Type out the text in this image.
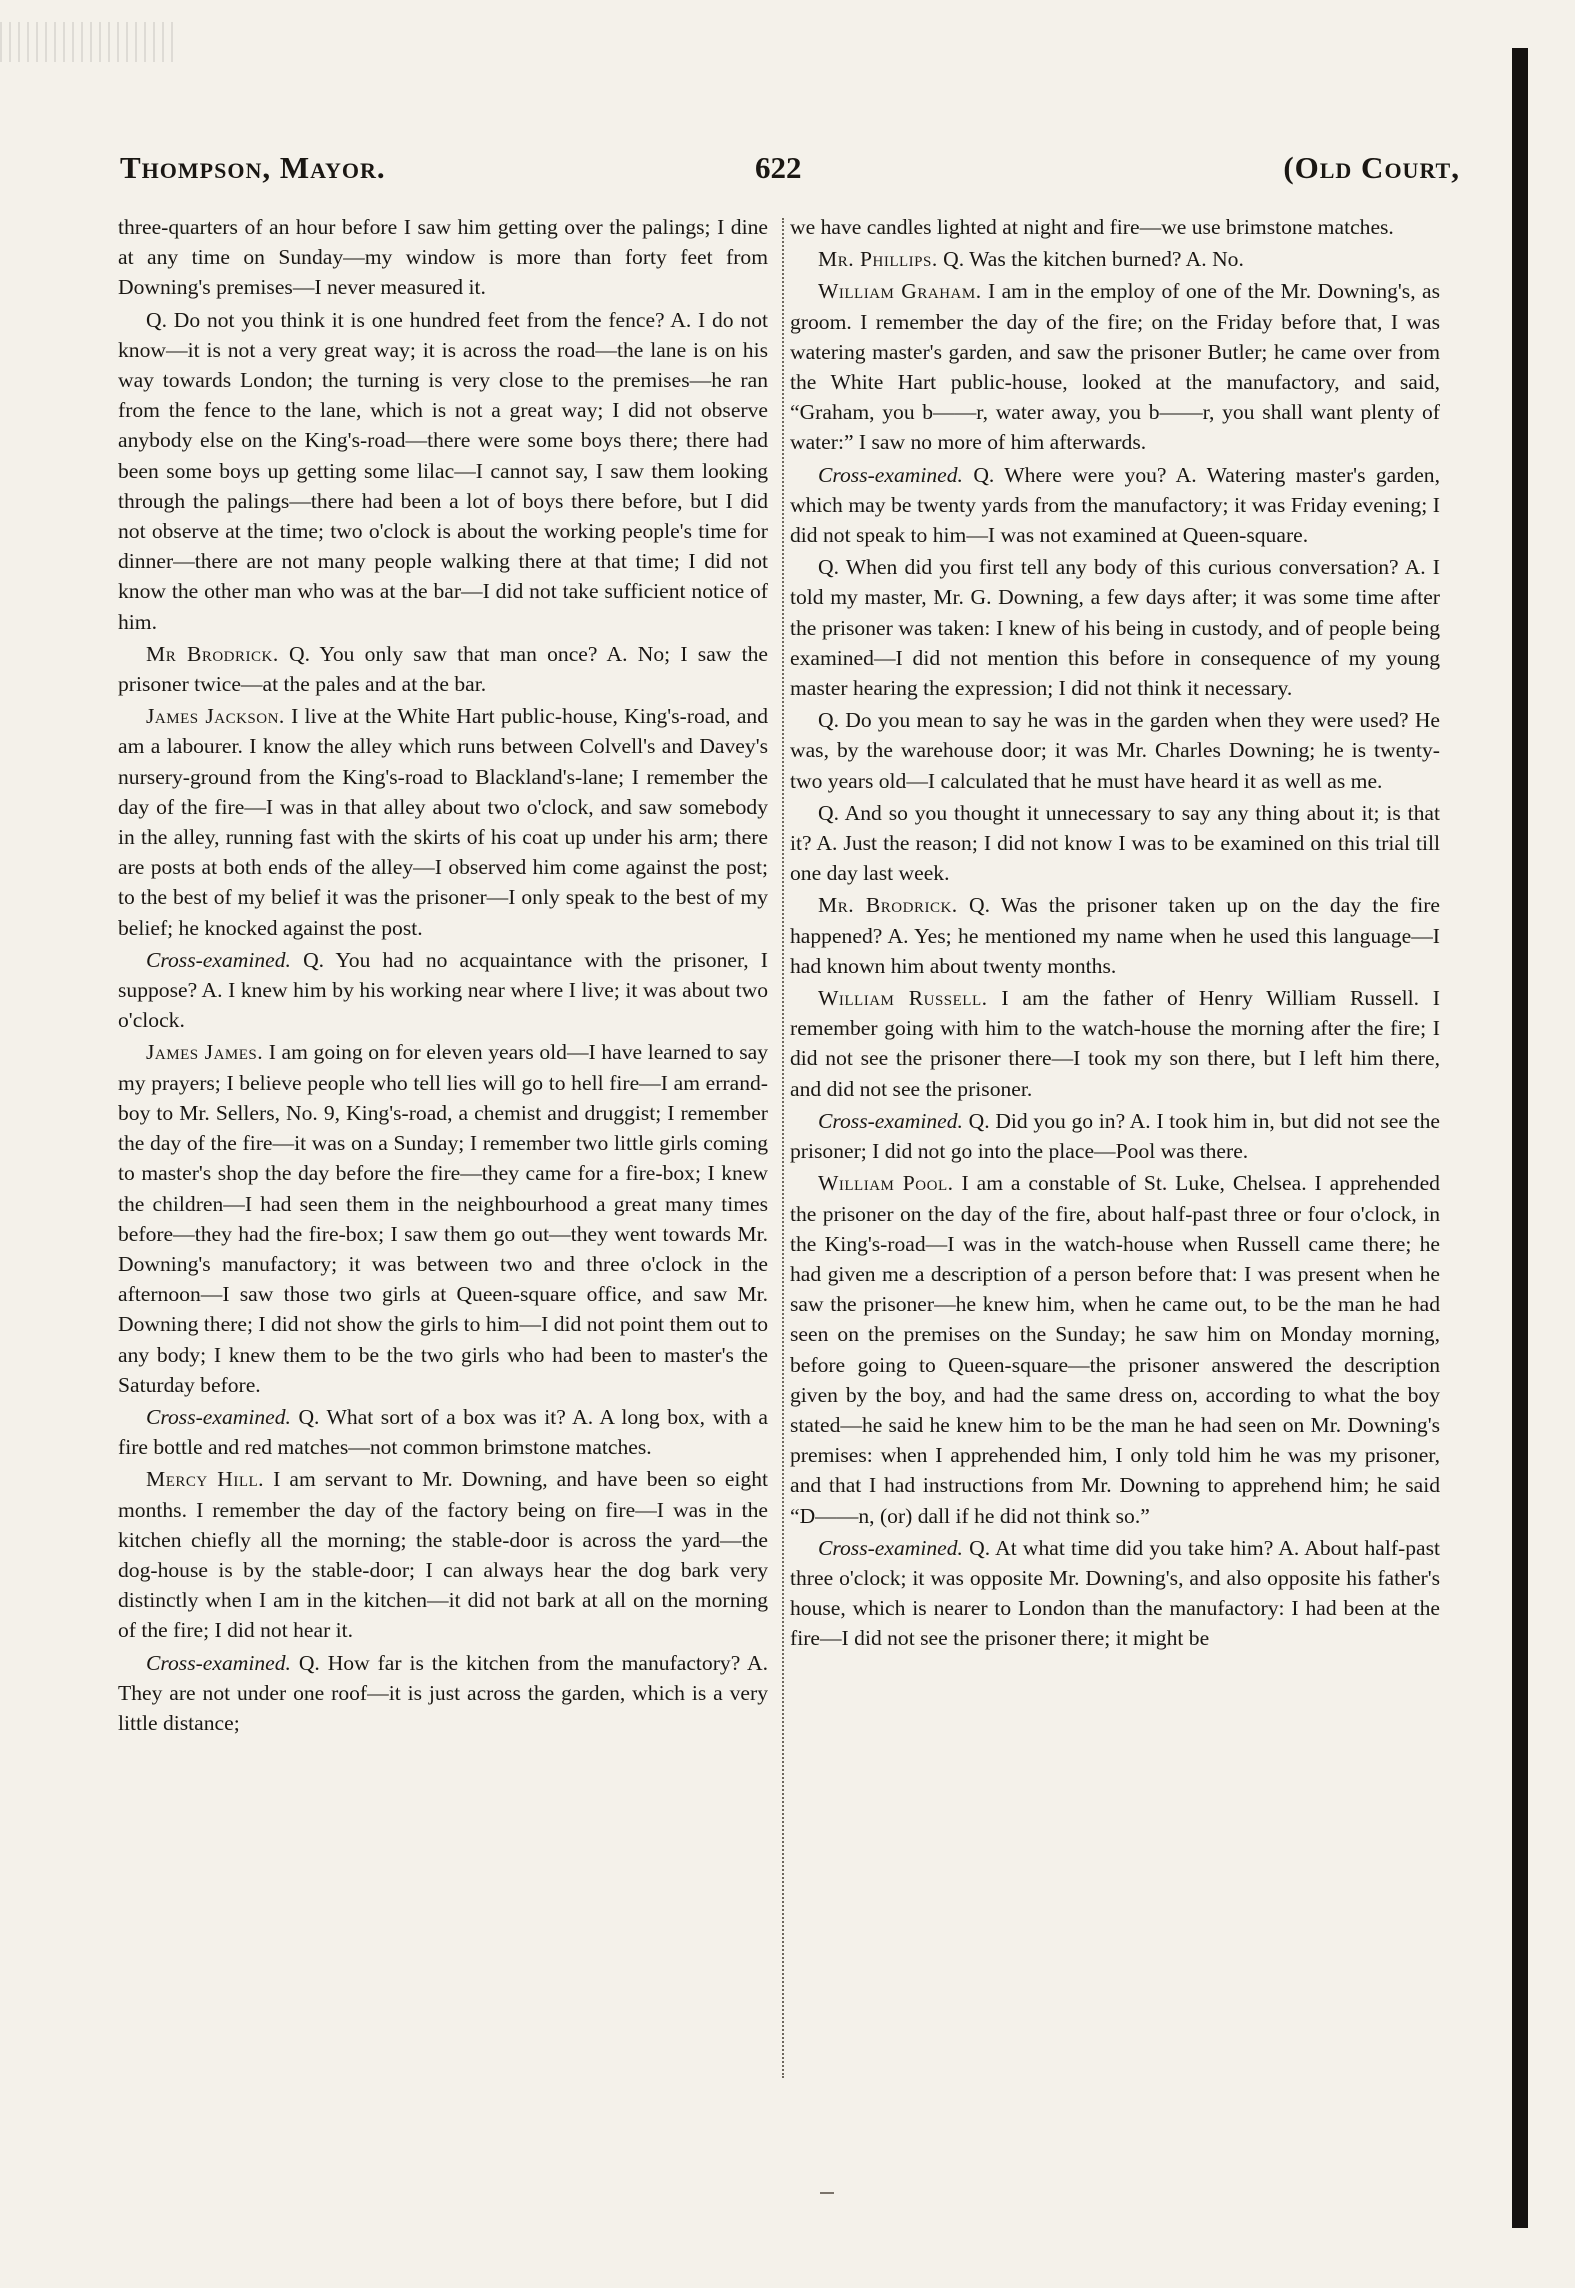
Thompson, Mayor.	622	(Old Court,

three-quarters of an hour before I saw him getting over the palings; I dine at any time on Sunday—my window is more than forty feet from Downing's premises—I never measured it.

Q. Do not you think it is one hundred feet from the fence? A. I do not know—it is not a very great way; it is across the road—the lane is on his way towards London; the turning is very close to the premises—he ran from the fence to the lane, which is not a great way; I did not observe anybody else on the King's-road—there were some boys there; there had been some boys up getting some lilac—I cannot say, I saw them looking through the palings—there had been a lot of boys there before, but I did not observe at the time; two o'clock is about the working people's time for dinner—there are not many people walking there at that time; I did not know the other man who was at the bar—I did not take sufficient notice of him.

Mr Brodrick. Q. You only saw that man once? A. No; I saw the prisoner twice—at the pales and at the bar.

James Jackson. I live at the White Hart public-house, King's-road, and am a labourer. I know the alley which runs between Colvell's and Davey's nursery-ground from the King's-road to Blackland's-lane; I remember the day of the fire—I was in that alley about two o'clock, and saw somebody in the alley, running fast with the skirts of his coat up under his arm; there are posts at both ends of the alley—I observed him come against the post; to the best of my belief it was the prisoner—I only speak to the best of my belief; he knocked against the post.

Cross-examined. Q. You had no acquaintance with the prisoner, I suppose? A. I knew him by his working near where I live; it was about two o'clock.

James James. I am going on for eleven years old—I have learned to say my prayers; I believe people who tell lies will go to hell fire—I am errand-boy to Mr. Sellers, No. 9, King's-road, a chemist and druggist; I remember the day of the fire—it was on a Sunday; I remember two little girls coming to master's shop the day before the fire—they came for a fire-box; I knew the children—I had seen them in the neighbourhood a great many times before—they had the fire-box; I saw them go out—they went towards Mr. Downing's manufactory; it was between two and three o'clock in the afternoon—I saw those two girls at Queen-square office, and saw Mr. Downing there; I did not show the girls to him—I did not point them out to any body; I knew them to be the two girls who had been to master's the Saturday before.

Cross-examined. Q. What sort of a box was it? A. A long box, with a fire bottle and red matches—not common brimstone matches.

Mercy Hill. I am servant to Mr. Downing, and have been so eight months. I remember the day of the factory being on fire—I was in the kitchen chiefly all the morning; the stable-door is across the yard—the dog-house is by the stable-door; I can always hear the dog bark very distinctly when I am in the kitchen—it did not bark at all on the morning of the fire; I did not hear it.

Cross-examined. Q. How far is the kitchen from the manufactory? A. They are not under one roof—it is just across the garden, which is a very little distance;

we have candles lighted at night and fire—we use brimstone matches.

Mr. Phillips. Q. Was the kitchen burned? A. No.

William Graham. I am in the employ of one of the Mr. Downing's, as groom. I remember the day of the fire; on the Friday before that, I was watering master's garden, and saw the prisoner Butler; he came over from the White Hart public-house, looked at the manufactory, and said, “Graham, you b——r, water away, you b——r, you shall want plenty of water:” I saw no more of him afterwards.

Cross-examined. Q. Where were you? A. Watering master's garden, which may be twenty yards from the manufactory; it was Friday evening; I did not speak to him—I was not examined at Queen-square.

Q. When did you first tell any body of this curious conversation? A. I told my master, Mr. G. Downing, a few days after; it was some time after the prisoner was taken: I knew of his being in custody, and of people being examined—I did not mention this before in consequence of my young master hearing the expression; I did not think it necessary.

Q. Do you mean to say he was in the garden when they were used? He was, by the warehouse door; it was Mr. Charles Downing; he is twenty-two years old—I calculated that he must have heard it as well as me.

Q. And so you thought it unnecessary to say any thing about it; is that it? A. Just the reason; I did not know I was to be examined on this trial till one day last week.

Mr. Brodrick. Q. Was the prisoner taken up on the day the fire happened? A. Yes; he mentioned my name when he used this language—I had known him about twenty months.

William Russell. I am the father of Henry William Russell. I remember going with him to the watch-house the morning after the fire; I did not see the prisoner there—I took my son there, but I left him there, and did not see the prisoner.

Cross-examined. Q. Did you go in? A. I took him in, but did not see the prisoner; I did not go into the place—Pool was there.

William Pool. I am a constable of St. Luke, Chelsea. I apprehended the prisoner on the day of the fire, about half-past three or four o'clock, in the King's-road—I was in the watch-house when Russell came there; he had given me a description of a person before that: I was present when he saw the prisoner—he knew him, when he came out, to be the man he had seen on the premises on the Sunday; he saw him on Monday morning, before going to Queen-square—the prisoner answered the description given by the boy, and had the same dress on, according to what the boy stated—he said he knew him to be the man he had seen on Mr. Downing's premises: when I apprehended him, I only told him he was my prisoner, and that I had instructions from Mr. Downing to apprehend him; he said “D——n, (or) dall if he did not think so.”

Cross-examined. Q. At what time did you take him? A. About half-past three o'clock; it was opposite Mr. Downing's, and also opposite his father's house, which is nearer to London than the manufactory: I had been at the fire—I did not see the prisoner there; it might be
